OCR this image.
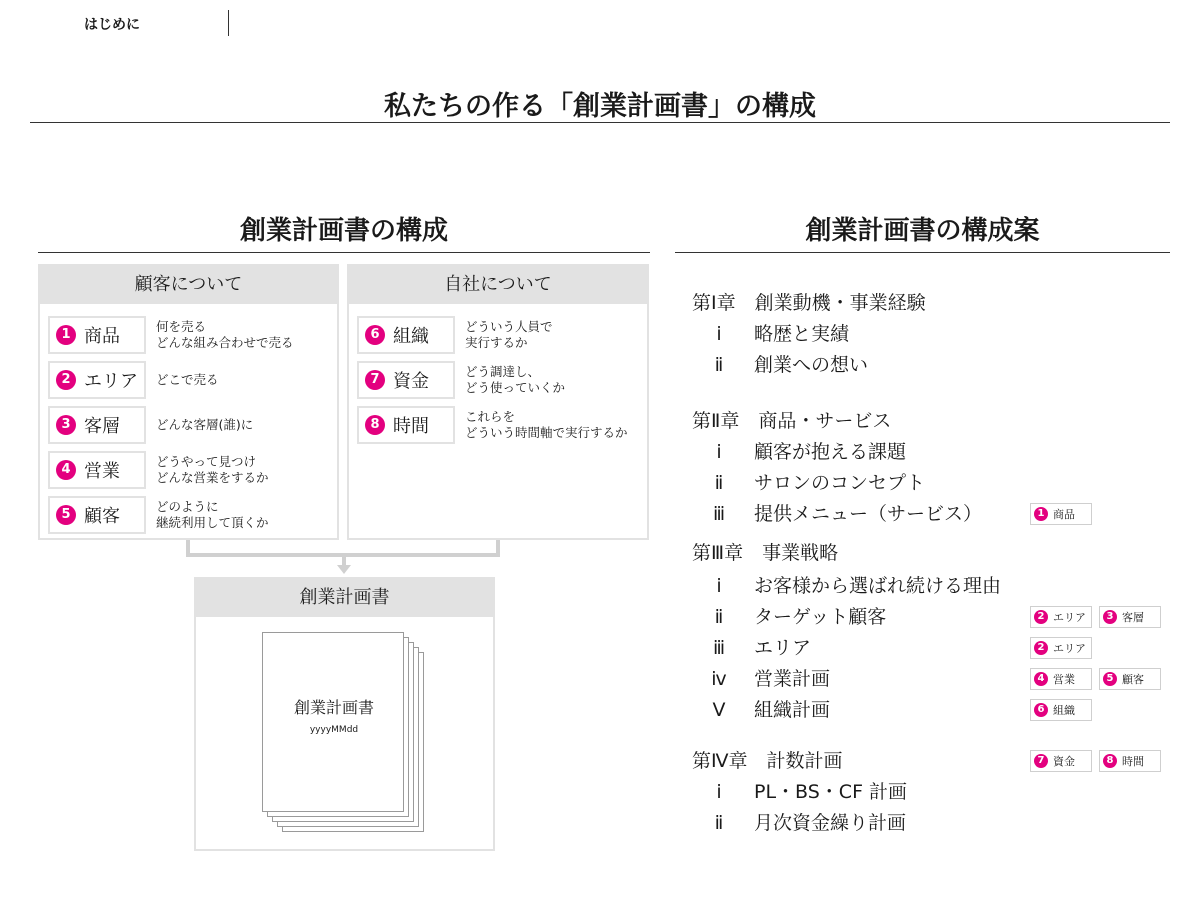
はじめに
私たちの作る「創業計画書」の構成
創業計画書の構成
顧客について
1 商品	何を売る
どんな組み合わせで売る
2 エリア どこで売る
3 客層	どんな客層(誰)に
4 営業	どうやって見つけ
どんな営業をするか
5 顧客	どのように
継続利用して頂くか
自社について
6 組織	どういう人員で
実行するか
7 資金	どう調達し、
どう使っていくか
8 時間	これらを
どういう時間軸で実行するか
創業計画書
創業計画書
yyyyMMdd
創業計画書の構成案
第Ⅰ章　創業動機・事業経験
ⅰ 略歴と実績
ⅱ 創業への想い
第Ⅱ章　商品・サービス
ⅰ 顧客が抱える課題
ⅱ サロンのコンセプト
ⅲ 提供メニュー（サービス）	1 商品
第Ⅲ章　事業戦略
ⅰ お客様から選ばれ続ける理由
ⅱ ターゲット顧客	2 エリア	3 客層
ⅲ エリア	2 エリア
ⅳ 営業計画	4 営業	5 顧客
Ⅴ 組織計画	6 組織
第Ⅳ章　計数計画	7 資金	8 時間
ⅰ PL・BS・CF 計画
ⅱ 月次資金繰り計画
